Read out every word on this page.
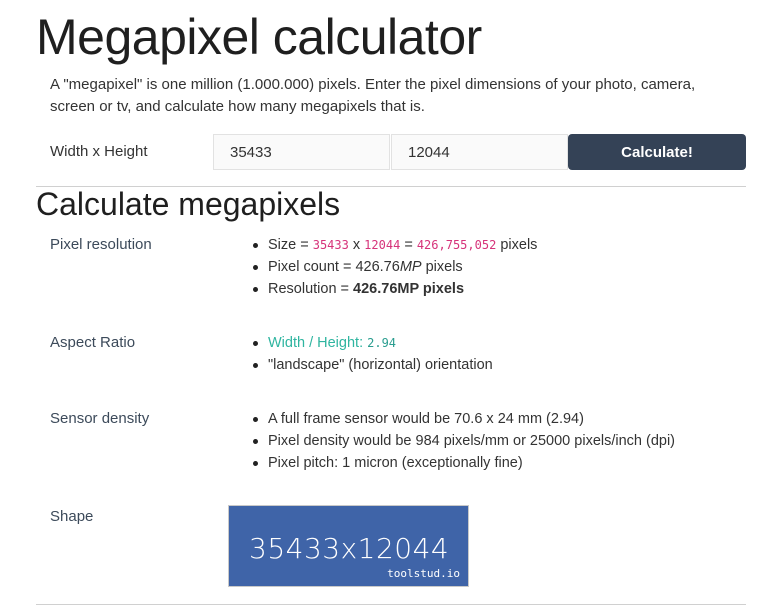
Megapixel calculator
A "megapixel" is one million (1.000.000) pixels. Enter the pixel dimensions of your photo, camera, screen or tv, and calculate how many megapixels that is.
Width x Height
35433
12044	Calculate!
Calculate megapixels
Pixel resolution	Size = 35433 x 12044 = 426,755,052 pixels
Pixel count = 426.76MP pixels
Resolution = 426.76MP pixels
Aspect Ratio	Width / Height: 2.94
"landscape" (horizontal) orientation
Sensor density	A full frame sensor would be 70.6 x 24 mm (2.94)
Pixel density would be 984 pixels/mm or 25000 pixels/inch (dpi)
Pixel pitch: 1 micron (exceptionally fine)
Shape
35433x12044
toolstud.io
